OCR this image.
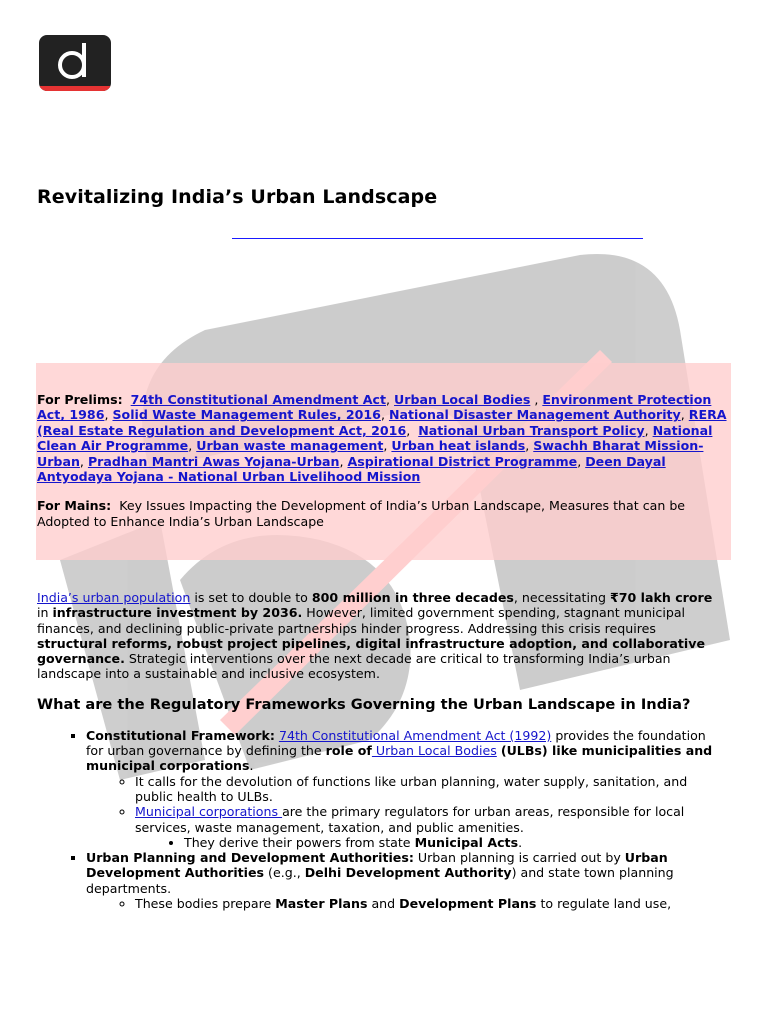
Revitalizing India’s Urban Landscape

For Prelims: 74th Constitutional Amendment Act, Urban Local Bodies , Environment Protection Act, 1986, Solid Waste Management Rules, 2016, National Disaster Management Authority, RERA (Real Estate Regulation and Development Act, 2016,  National Urban Transport Policy, National Clean Air Programme, Urban waste management, Urban heat islands, Swachh Bharat Mission-Urban, Pradhan Mantri Awas Yojana-Urban, Aspirational District Programme, Deen Dayal Antyodaya Yojana - National Urban Livelihood Mission

For Mains: Key Issues Impacting the Development of India’s Urban Landscape, Measures that can be Adopted to Enhance India’s Urban Landscape

India’s urban population is set to double to 800 million in three decades, necessitating ₹70 lakh crore in infrastructure investment by 2036. However, limited government spending, stagnant municipal finances, and declining public-private partnerships hinder progress. Addressing this crisis requires structural reforms, robust project pipelines, digital infrastructure adoption, and collaborative governance. Strategic interventions over the next decade are critical to transforming India’s urban landscape into a sustainable and inclusive ecosystem.

What are the Regulatory Frameworks Governing the Urban Landscape in India?
▪ Constitutional Framework: 74th Constitutional Amendment Act (1992) provides the foundation for urban governance by defining the role of Urban Local Bodies (ULBs) like municipalities and municipal corporations.
◦ It calls for the devolution of functions like urban planning, water supply, sanitation, and public health to ULBs.
◦ Municipal corporations are the primary regulators for urban areas, responsible for local services, waste management, taxation, and public amenities.
• They derive their powers from state Municipal Acts.
▪ Urban Planning and Development Authorities: Urban planning is carried out by Urban Development Authorities (e.g., Delhi Development Authority) and state town planning departments.
◦ These bodies prepare Master Plans and Development Plans to regulate land use,
